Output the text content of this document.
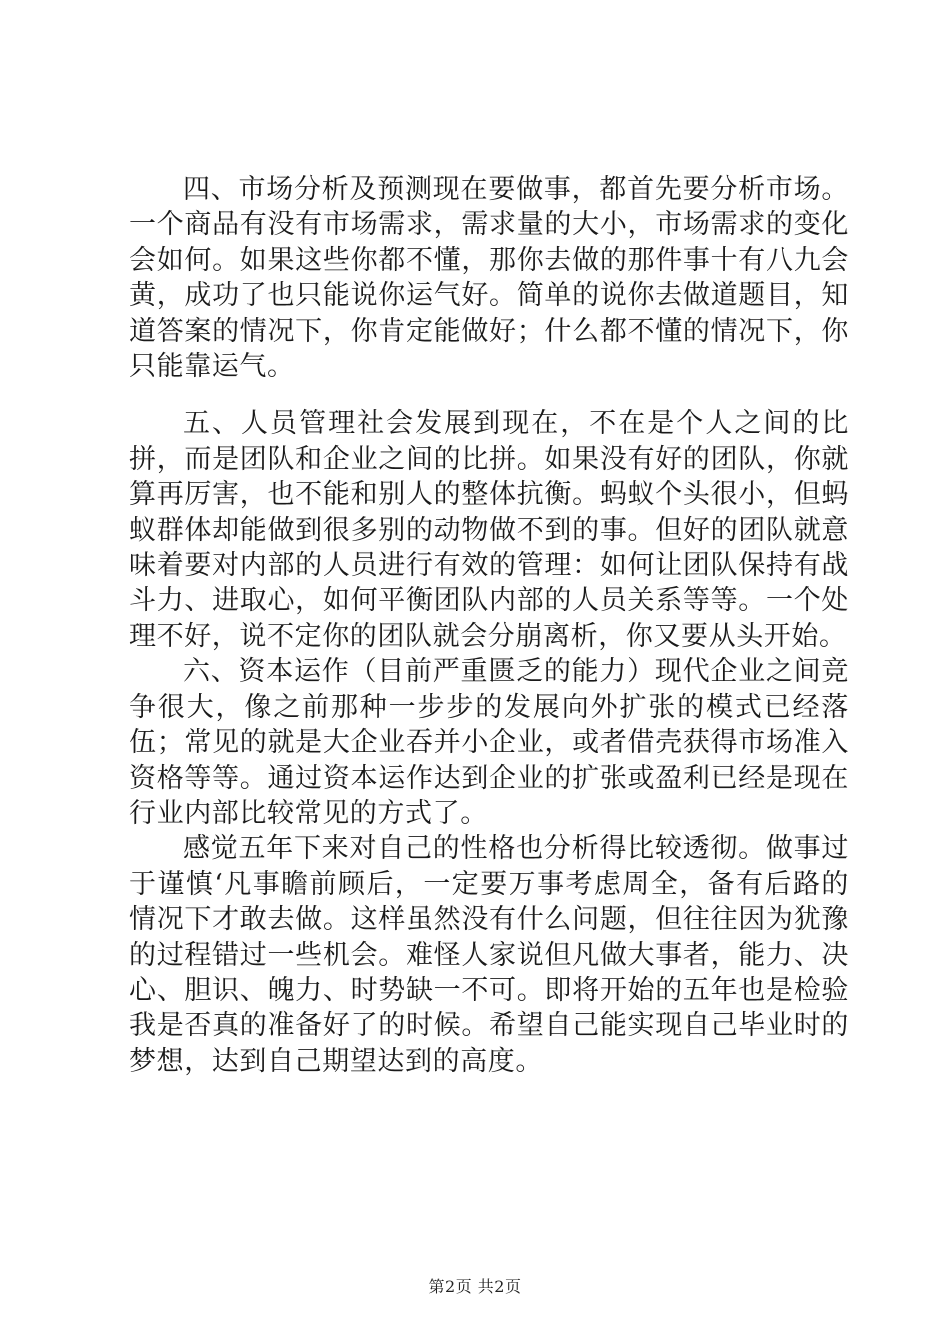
四、市场分析及预测现在要做事，都首先要分析市场。一个商品有没有市场需求，需求量的大小，市场需求的变化会如何。如果这些你都不懂，那你去做的那件事十有八九会黄，成功了也只能说你运气好。简单的说你去做道题目，知道答案的情况下，你肯定能做好；什么都不懂的情况下，你只能靠运气。

五、人员管理社会发展到现在，不在是个人之间的比拼，而是团队和企业之间的比拼。如果没有好的团队，你就算再厉害，也不能和别人的整体抗衡。蚂蚁个头很小，但蚂蚁群体却能做到很多别的动物做不到的事。但好的团队就意味着要对内部的人员进行有效的管理：如何让团队保持有战斗力、进取心，如何平衡团队内部的人员关系等等。一个处理不好，说不定你的团队就会分崩离析，你又要从头开始。

六、资本运作（目前严重匮乏的能力）现代企业之间竞争很大，像之前那种一步步的发展向外扩张的模式已经落伍；常见的就是大企业吞并小企业，或者借壳获得市场准入资格等等。通过资本运作达到企业的扩张或盈利已经是现在行业内部比较常见的方式了。

感觉五年下来对自己的性格也分析得比较透彻。做事过于谨慎‘凡事瞻前顾后，一定要万事考虑周全，备有后路的情况下才敢去做。这样虽然没有什么问题，但往往因为犹豫的过程错过一些机会。难怪人家说但凡做大事者，能力、决心、胆识、魄力、时势缺一不可。即将开始的五年也是检验我是否真的准备好了的时候。希望自己能实现自己毕业时的梦想，达到自己期望达到的高度。

第2页 共2页
